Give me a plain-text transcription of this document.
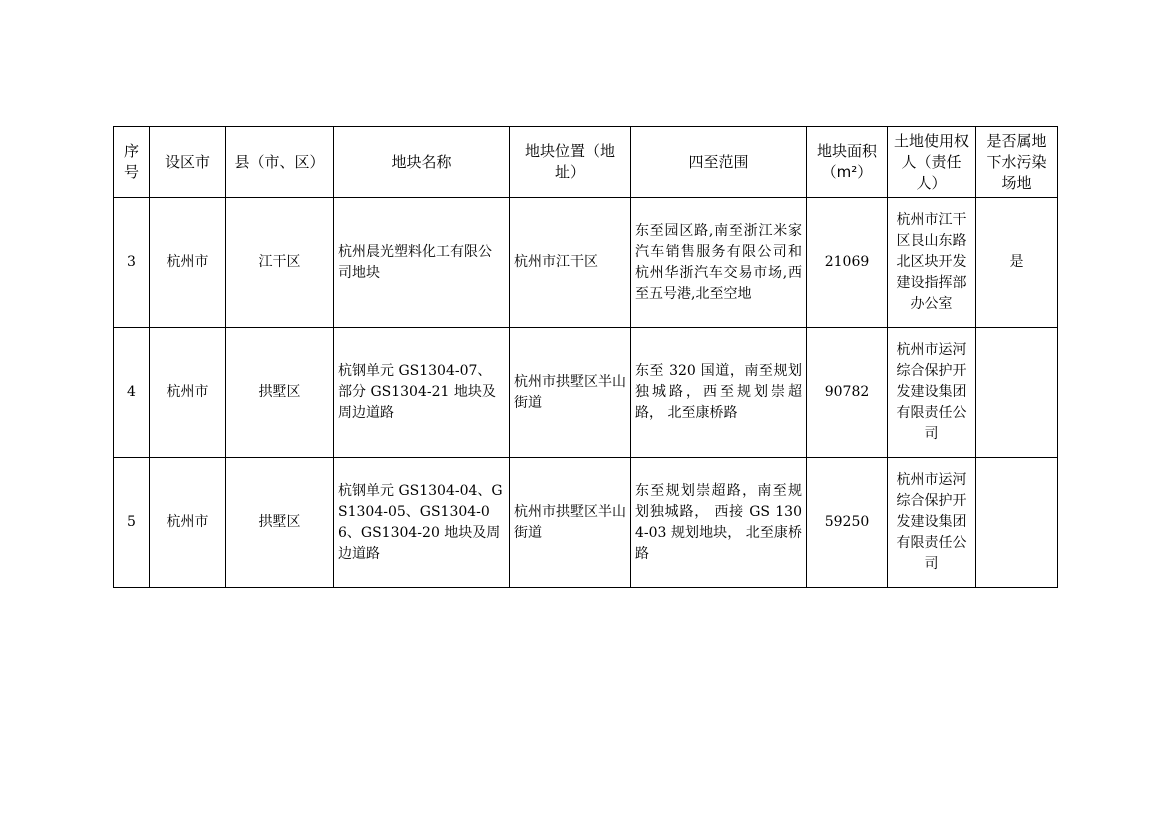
序号	设区市	县（市、区）	地块名称	地块位置（地址）	四至范围	地块面积（m²）	土地使用权人（责任人）	是否属地下水污染场地
3	杭州市	江干区	杭州晨光塑料化工有限公司地块	杭州市江干区	东至园区路,南至浙江米家汽车销售服务有限公司和杭州华浙汽车交易市场,西至五号港,北至空地	21069	杭州市江干区艮山东路北区块开发建设指挥部办公室	是
4	杭州市	拱墅区	杭钢单元 GS1304-07、部分 GS1304-21 地块及周边道路	杭州市拱墅区半山街道	东至 320 国道，南至规划独城路，西至规划崇超路， 北至康桥路	90782	杭州市运河综合保护开发建设集团有限责任公司	
5	杭州市	拱墅区	杭钢单元 GS1304-04、GS1304-05、GS1304-06、GS1304-20 地块及周边道路	杭州市拱墅区半山街道	东至规划崇超路，南至规划独城路， 西接 GS 1304-03 规划地块， 北至康桥路	59250	杭州市运河综合保护开发建设集团有限责任公司	
